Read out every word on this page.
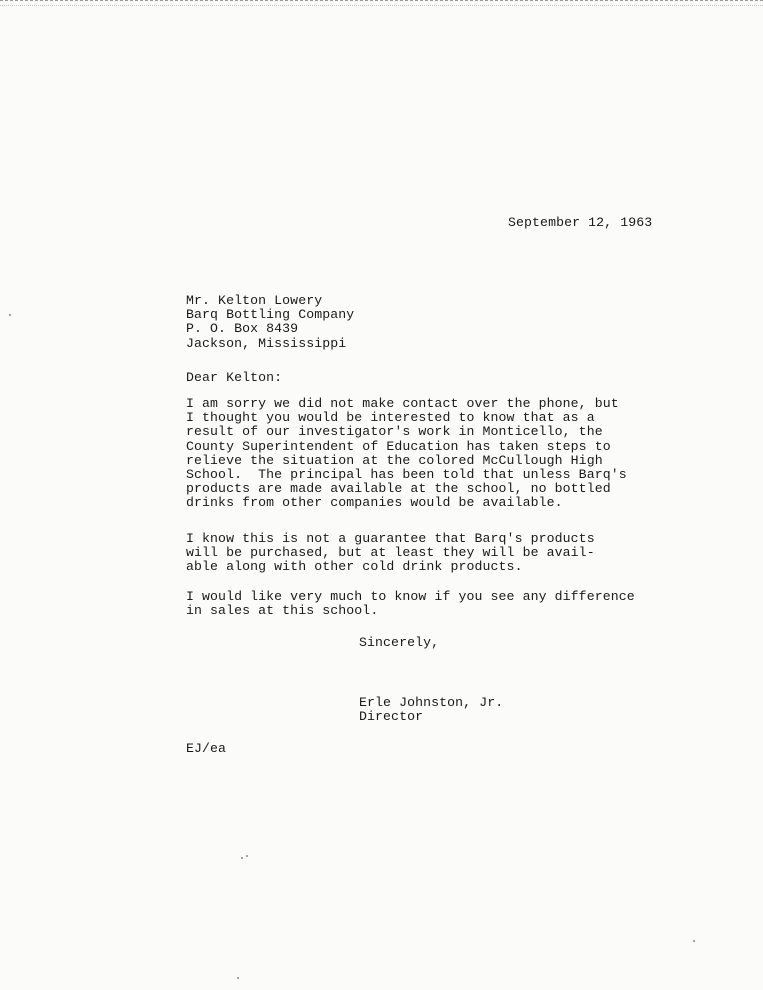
September 12, 1963
Mr. Kelton Lowery
Barq Bottling Company
P. O. Box 8439
Jackson, Mississippi
Dear Kelton:
I am sorry we did not make contact over the phone, but
I thought you would be interested to know that as a
result of our investigator's work in Monticello, the
County Superintendent of Education has taken steps to
relieve the situation at the colored McCullough High
School.  The principal has been told that unless Barq's
products are made available at the school, no bottled
drinks from other companies would be available.
I know this is not a guarantee that Barq's products
will be purchased, but at least they will be avail-
able along with other cold drink products.
I would like very much to know if you see any difference
in sales at this school.
Sincerely,
Erle Johnston, Jr.
Director
EJ/ea
